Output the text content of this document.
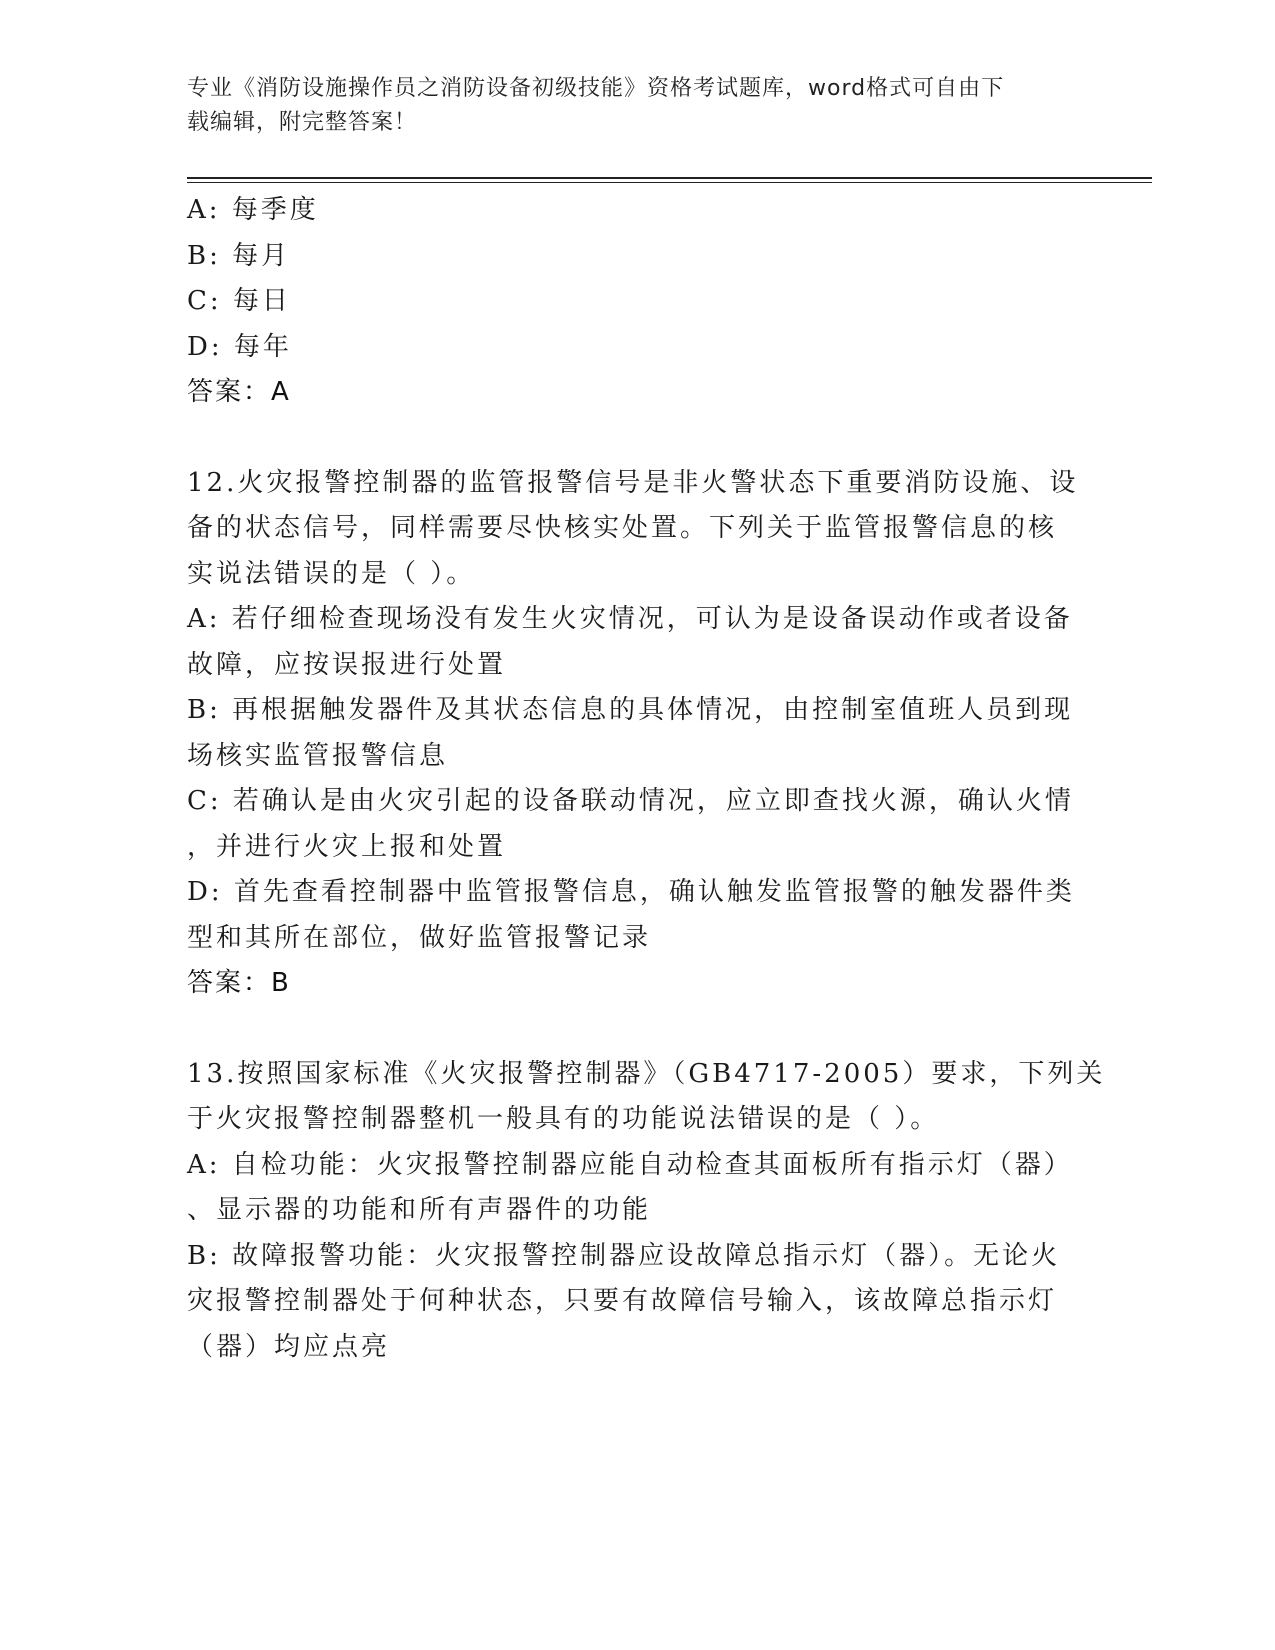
专业《消防设施操作员之消防设备初级技能》资格考试题库，word格式可自由下
载编辑，附完整答案！
A: 每季度
B: 每月
C: 每日
D: 每年
答案：A
12.火灾报警控制器的监管报警信号是非火警状态下重要消防设施、设
备的状态信号，同样需要尽快核实处置。下列关于监管报警信息的核
实说法错误的是（ ）。
A: 若仔细检查现场没有发生火灾情况，可认为是设备误动作或者设备
故障，应按误报进行处置
B: 再根据触发器件及其状态信息的具体情况，由控制室值班人员到现
场核实监管报警信息
C: 若确认是由火灾引起的设备联动情况，应立即查找火源，确认火情
，并进行火灾上报和处置
D: 首先查看控制器中监管报警信息，确认触发监管报警的触发器件类
型和其所在部位，做好监管报警记录
答案：B
13.按照国家标准《火灾报警控制器》（GB4717-2005）要求，下列关
于火灾报警控制器整机一般具有的功能说法错误的是（ ）。
A: 自检功能：火灾报警控制器应能自动检查其面板所有指示灯（器）
、显示器的功能和所有声器件的功能
B: 故障报警功能：火灾报警控制器应设故障总指示灯（器）。无论火
灾报警控制器处于何种状态，只要有故障信号输入，该故障总指示灯
（器）均应点亮
